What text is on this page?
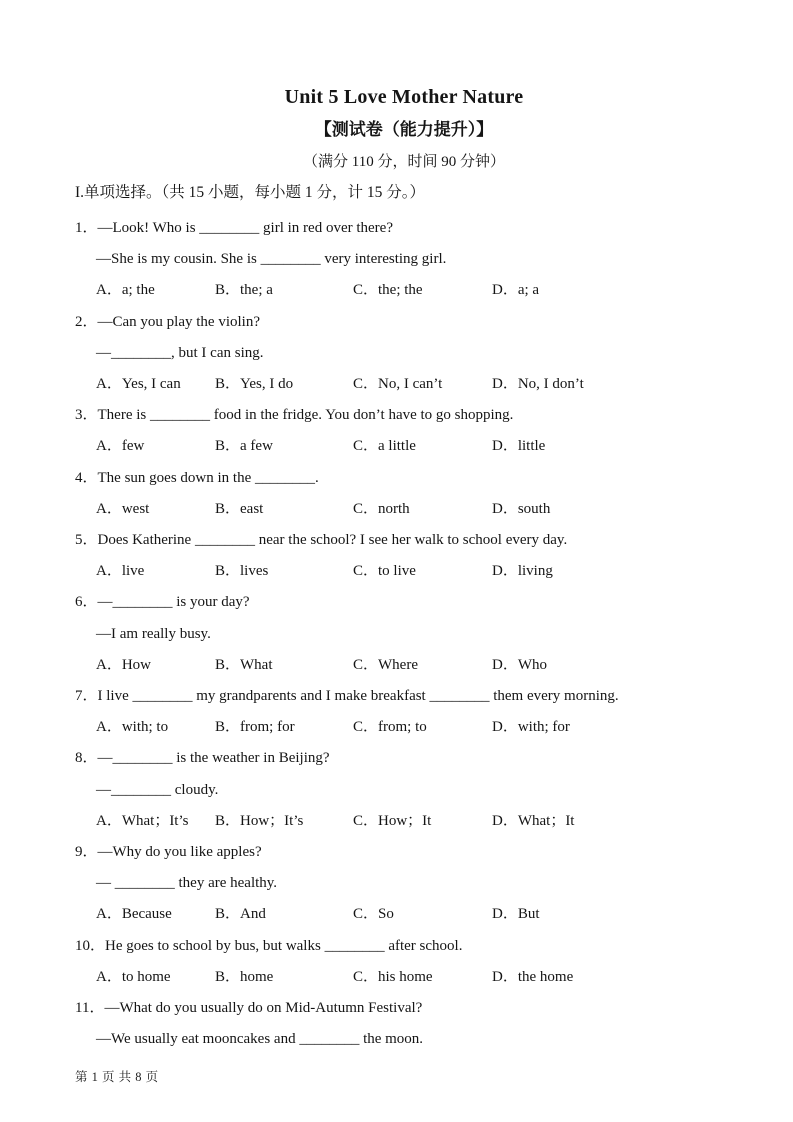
Unit 5 Love Mother Nature
【测试卷（能力提升）】
（满分 110 分，时间 90 分钟）
I.单项选择。（共 15 小题，每小题 1 分，计 15 分。）
1．—Look! Who is ________ girl in red over there?
—She is my cousin. She is ________ very interesting girl.
A．a; the	B．the; a	C．the; the	D．a; a
2．—Can you play the violin?
—________, but I can sing.
A．Yes, I can	B．Yes, I do	C．No, I can’t	D．No, I don’t
3．There is ________ food in the fridge. You don’t have to go shopping.
A．few	B．a few	C．a little	D．little
4．The sun goes down in the ________.
A．west	B．east	C．north	D．south
5．Does Katherine ________ near the school? I see her walk to school every day.
A．live	B．lives	C．to live	D．living
6．—________ is your day?
—I am really busy.
A．How	B．What	C．Where	D．Who
7．I live ________ my grandparents and I make breakfast ________ them every morning.
A．with; to	B．from; for	C．from; to	D．with; for
8．—________ is the weather in Beijing?
—________ cloudy.
A．What；It’s	B．How；It’s	C．How；It	D．What；It
9．—Why do you like apples?
— ________ they are healthy.
A．Because	B．And	C．So	D．But
10．He goes to school by bus, but walks ________ after school.
A．to home	B．home	C．his home	D．the home
11．—What do you usually do on Mid-Autumn Festival?
—We usually eat mooncakes and ________ the moon.
第 1 页 共 8 页
